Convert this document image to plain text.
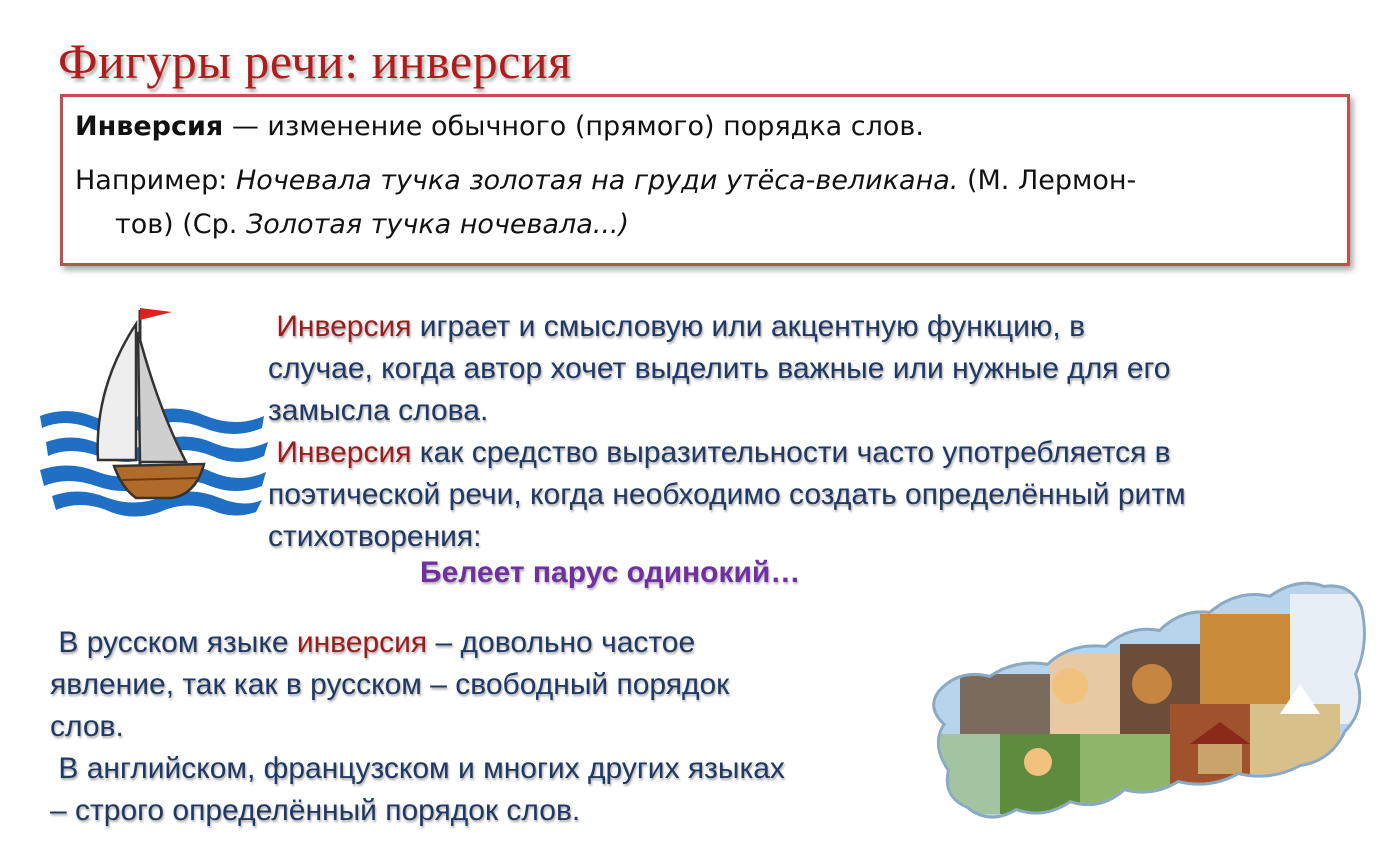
Фигуры речи: инверсия
Инверсия — изменение обычного (прямого) порядка слов.
Например: Ночевала тучка золотая на груди утёса-великана. (М. Лермон-
тов) (Ср. Золотая тучка ночевала...)
Инверсия играет и смысловую или акцентную функцию, в
случае, когда автор хочет выделить важные или нужные для его
замысла слова.
Инверсия как средство выразительности часто употребляется в
поэтической речи, когда необходимо создать определённый ритм
стихотворения:
Белеет парус одинокий…
В русском языке инверсия – довольно частое
явление, так как в русском – свободный порядок
слов.
В английском, французском и многих других языках
– строго определённый порядок слов.
